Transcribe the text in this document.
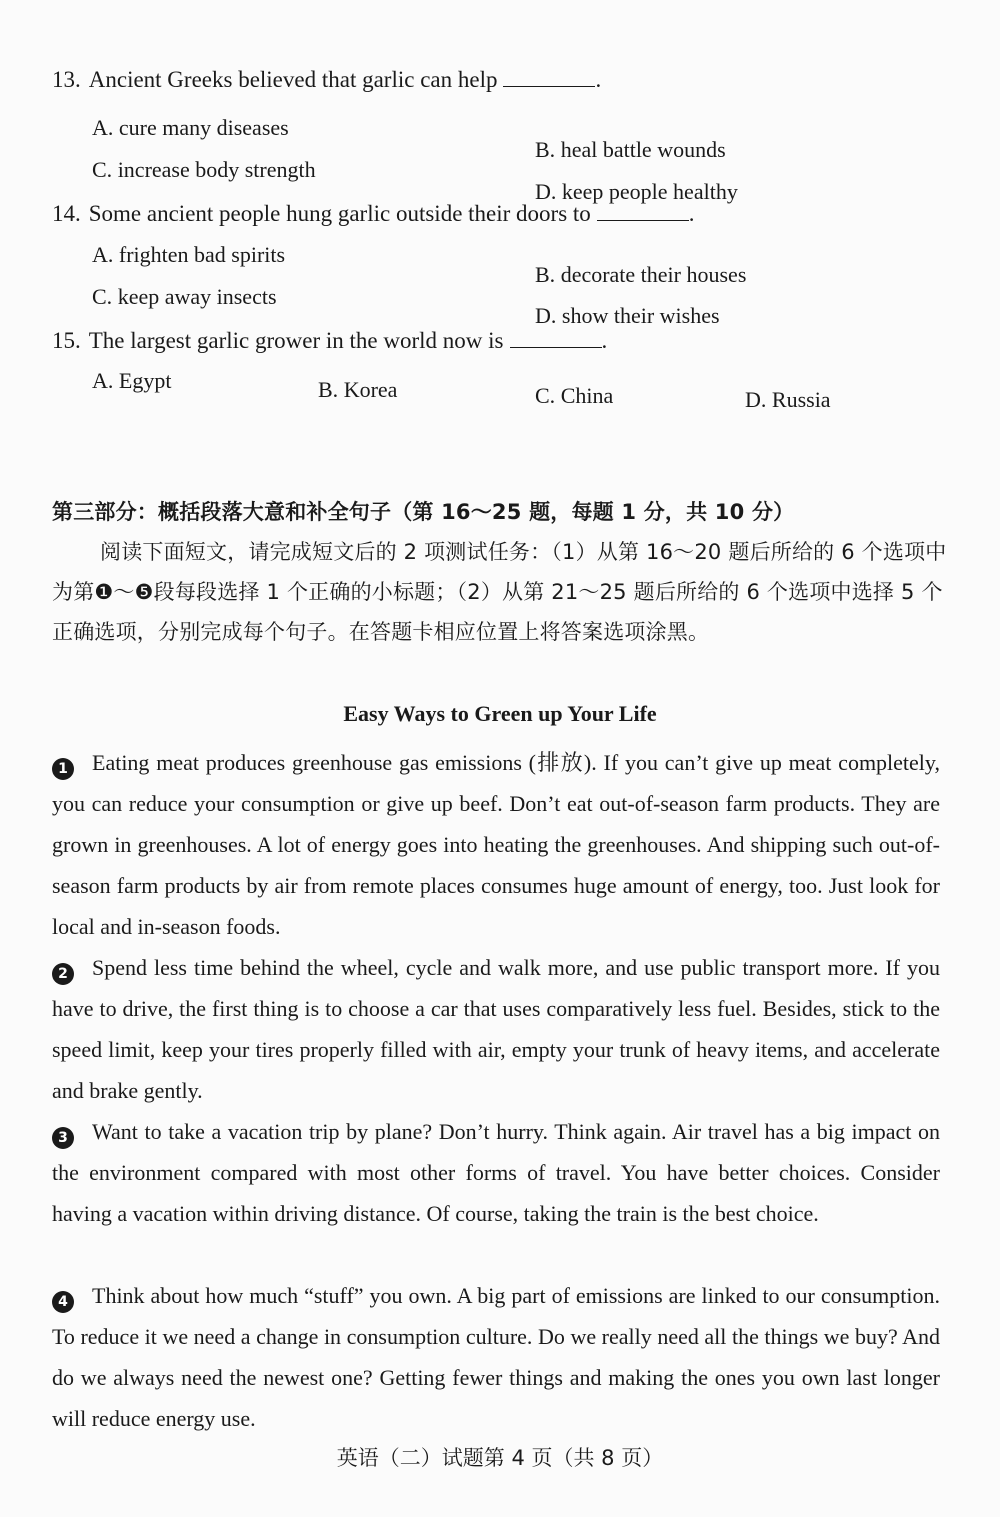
13. Ancient Greeks believed that garlic can help	.
A. cure many diseases
B. heal battle wounds
C. increase body strength
D. keep people healthy
14. Some ancient people hung garlic outside their doors to	.
A. frighten bad spirits
B. decorate their houses
C. keep away insects
D. show their wishes
15. The largest garlic grower in the world now is	.
A. Egypt	B. Korea	C. China	D. Russia

第三部分：概括段落大意和补全句子（第 16～25 题，每题 1 分，共 10 分）

阅读下面短文，请完成短文后的 2 项测试任务：（1）从第 16～20 题后所给的 6 个选项中为第❶～❺段每段选择 1 个正确的小标题；（2）从第 21～25 题后所给的 6 个选项中选择 5 个正确选项，分别完成每个句子。在答题卡相应位置上将答案选项涂黑。

Easy Ways to Green up Your Life

1 Eating meat produces greenhouse gas emissions (排放). If you can’t give up meat completely, you can reduce your consumption or give up beef. Don’t eat out-of-season farm products. They are grown in greenhouses. A lot of energy goes into heating the greenhouses. And shipping such out-of-season farm products by air from remote places consumes huge amount of energy, too. Just look for local and in-season foods.

2 Spend less time behind the wheel, cycle and walk more, and use public transport more. If you have to drive, the first thing is to choose a car that uses comparatively less fuel. Besides, stick to the speed limit, keep your tires properly filled with air, empty your trunk of heavy items, and accelerate and brake gently.

3 Want to take a vacation trip by plane? Don’t hurry. Think again. Air travel has a big impact on the environment compared with most other forms of travel. You have better choices. Consider having a vacation within driving distance. Of course, taking the train is the best choice.

4 Think about how much “stuff” you own. A big part of emissions are linked to our consumption. To reduce it we need a change in consumption culture. Do we really need all the things we buy? And do we always need the newest one? Getting fewer things and making the ones you own last longer will reduce energy use.

英语（二）试题第 4 页（共 8 页）
